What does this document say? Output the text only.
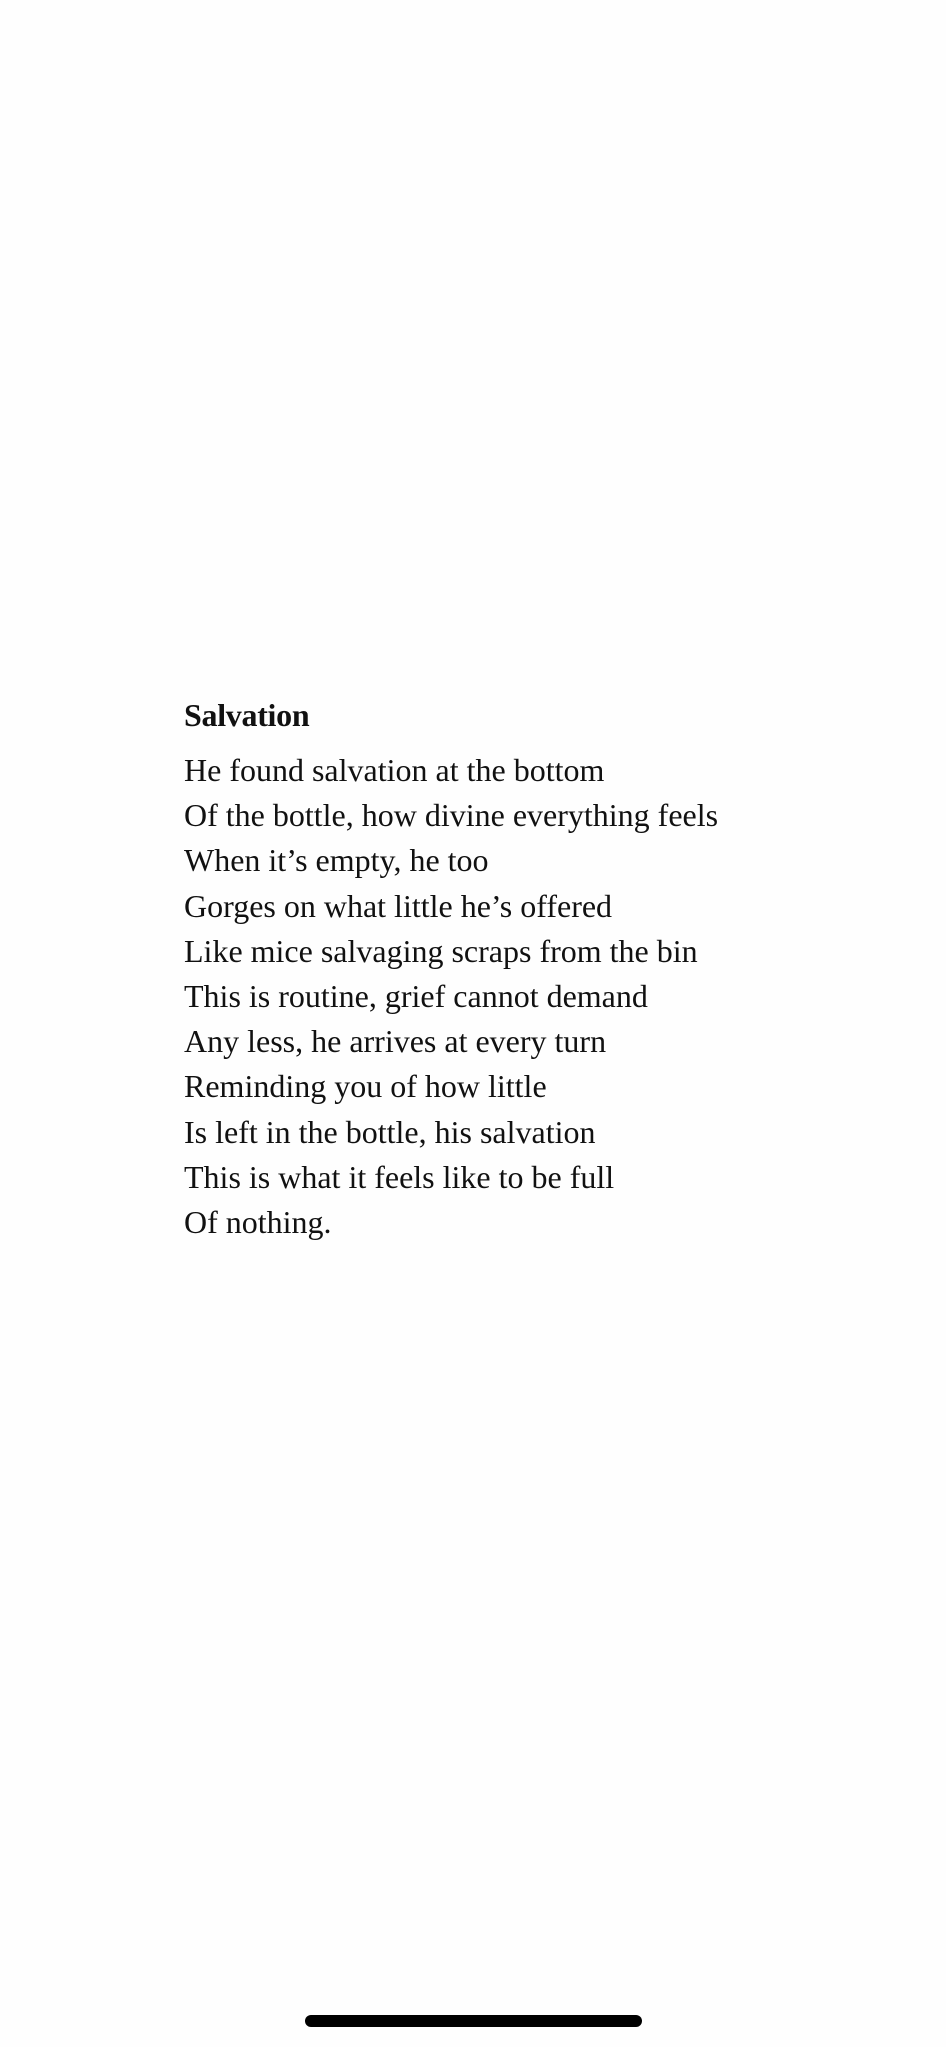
Salvation
He found salvation at the bottom
Of the bottle, how divine everything feels
When it’s empty, he too
Gorges on what little he’s offered
Like mice salvaging scraps from the bin
This is routine, grief cannot demand
Any less, he arrives at every turn
Reminding you of how little
Is left in the bottle, his salvation
This is what it feels like to be full
Of nothing.
